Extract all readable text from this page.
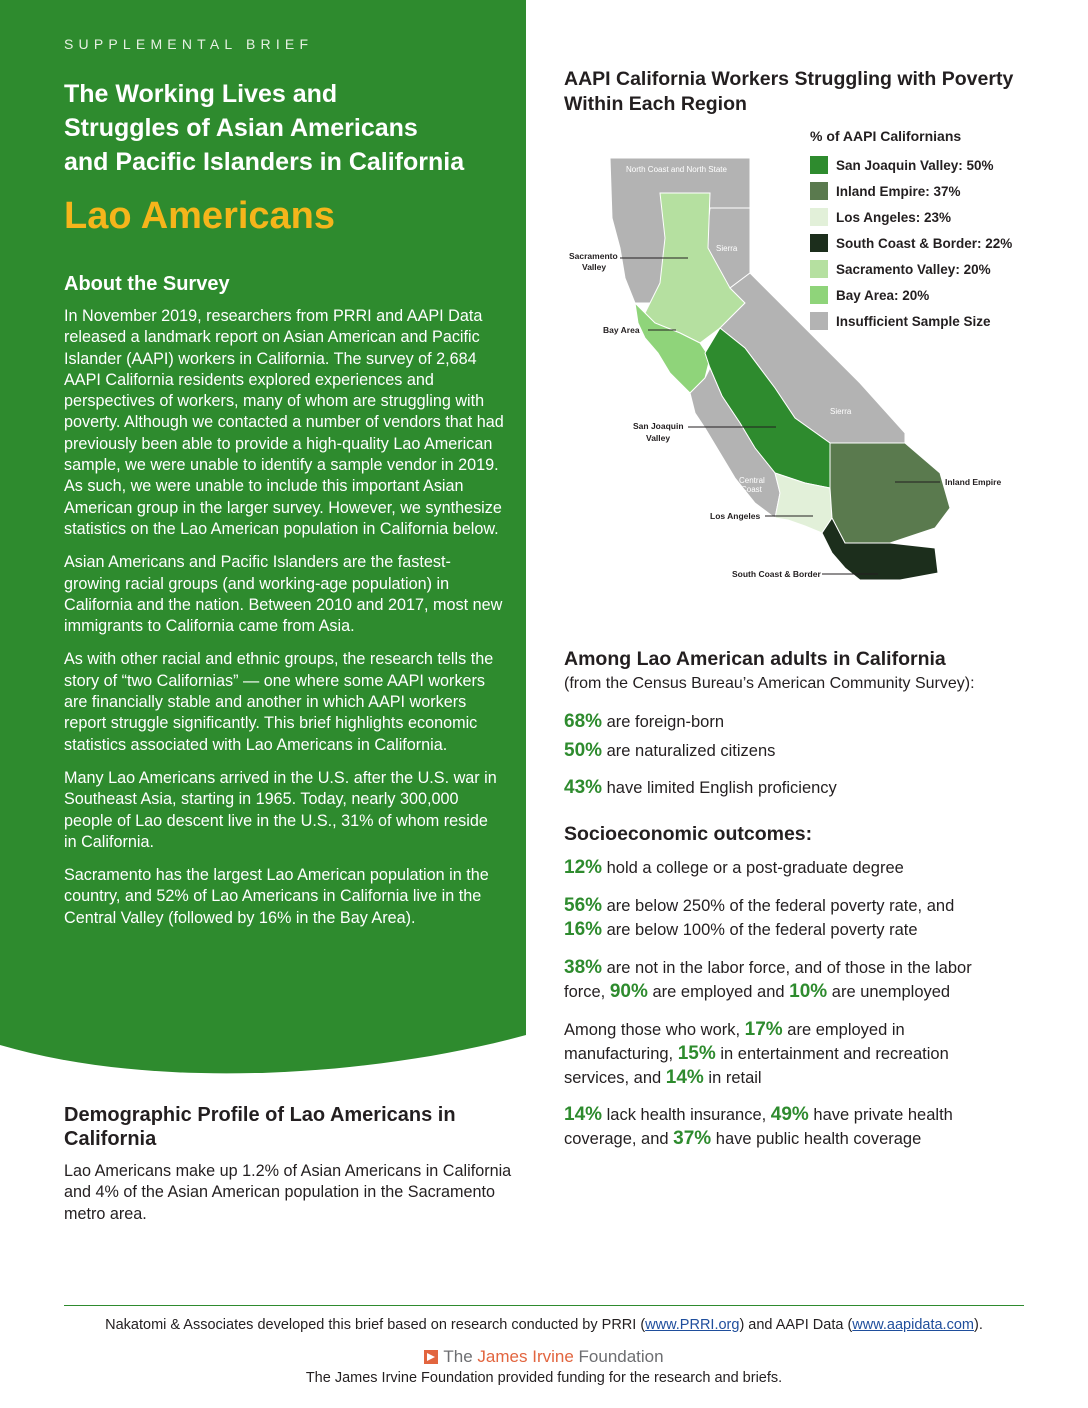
SUPPLEMENTAL BRIEF
The Working Lives and
Struggles of Asian Americans
and Pacific Islanders in California
Lao Americans
About the Survey

In November 2019, researchers from PRRI and AAPI Data released a landmark report on Asian American and Pacific Islander (AAPI) workers in California. The survey of 2,684 AAPI California residents explored experiences and perspectives of workers, many of whom are struggling with poverty. Although we contacted a number of vendors that had previously been able to provide a high-quality Lao American sample, we were unable to identify a sample vendor in 2019. As such, we were unable to include this important Asian American group in the larger survey. However, we synthesize statistics on the Lao American population in California below.

Asian Americans and Pacific Islanders are the fastest-growing racial groups (and working-age population) in California and the nation. Between 2010 and 2017, most new immigrants to California came from Asia.

As with other racial and ethnic groups, the research tells the story of “two Californias” — one where some AAPI workers are financially stable and another in which AAPI workers report struggle significantly. This brief highlights economic statistics associated with Lao Americans in California.

Many Lao Americans arrived in the U.S. after the U.S. war in Southeast Asia, starting in 1965. Today, nearly 300,000 people of Lao descent live in the U.S., 31% of whom reside in California.

Sacramento has the largest Lao American population in the country, and 52% of Lao Americans in California live in the Central Valley (followed by 16% in the Bay Area).

Demographic Profile of Lao Americans in California

Lao Americans make up 1.2% of Asian Americans in California and 4% of the Asian American population in the Sacramento metro area.

AAPI California Workers Struggling with Poverty Within Each Region
North Coast and North State
Sierra
Sierra
Central
Coast
Sacramento
Valley
Bay Area
San Joaquin
Valley
Los Angeles
Inland Empire
South Coast & Border

% of AAPI Californians

San Joaquin Valley: 50%
Inland Empire: 37%
Los Angeles: 23%
South Coast & Border: 22%
Sacramento Valley: 20%
Bay Area: 20%
Insufficient Sample Size
Among Lao American adults in California

(from the Census Bureau’s American Community Survey):

68% are foreign-born

50% are naturalized citizens

43% have limited English proficiency

Socioeconomic outcomes:

12% hold a college or a post-graduate degree

56% are below 250% of the federal poverty rate, and
16% are below 100% of the federal poverty rate

38% are not in the labor force, and of those in the labor force, 90% are employed and 10% are unemployed

Among those who work, 17% are employed in manufacturing, 15% in entertainment and recreation services, and 14% in retail

14% lack health insurance, 49% have private health coverage, and 37% have public health coverage

Nakatomi & Associates developed this brief based on research conducted by PRRI (www.PRRI.org) and AAPI Data (www.aapidata.com).

The James Irvine Foundation

The James Irvine Foundation provided funding for the research and briefs.
